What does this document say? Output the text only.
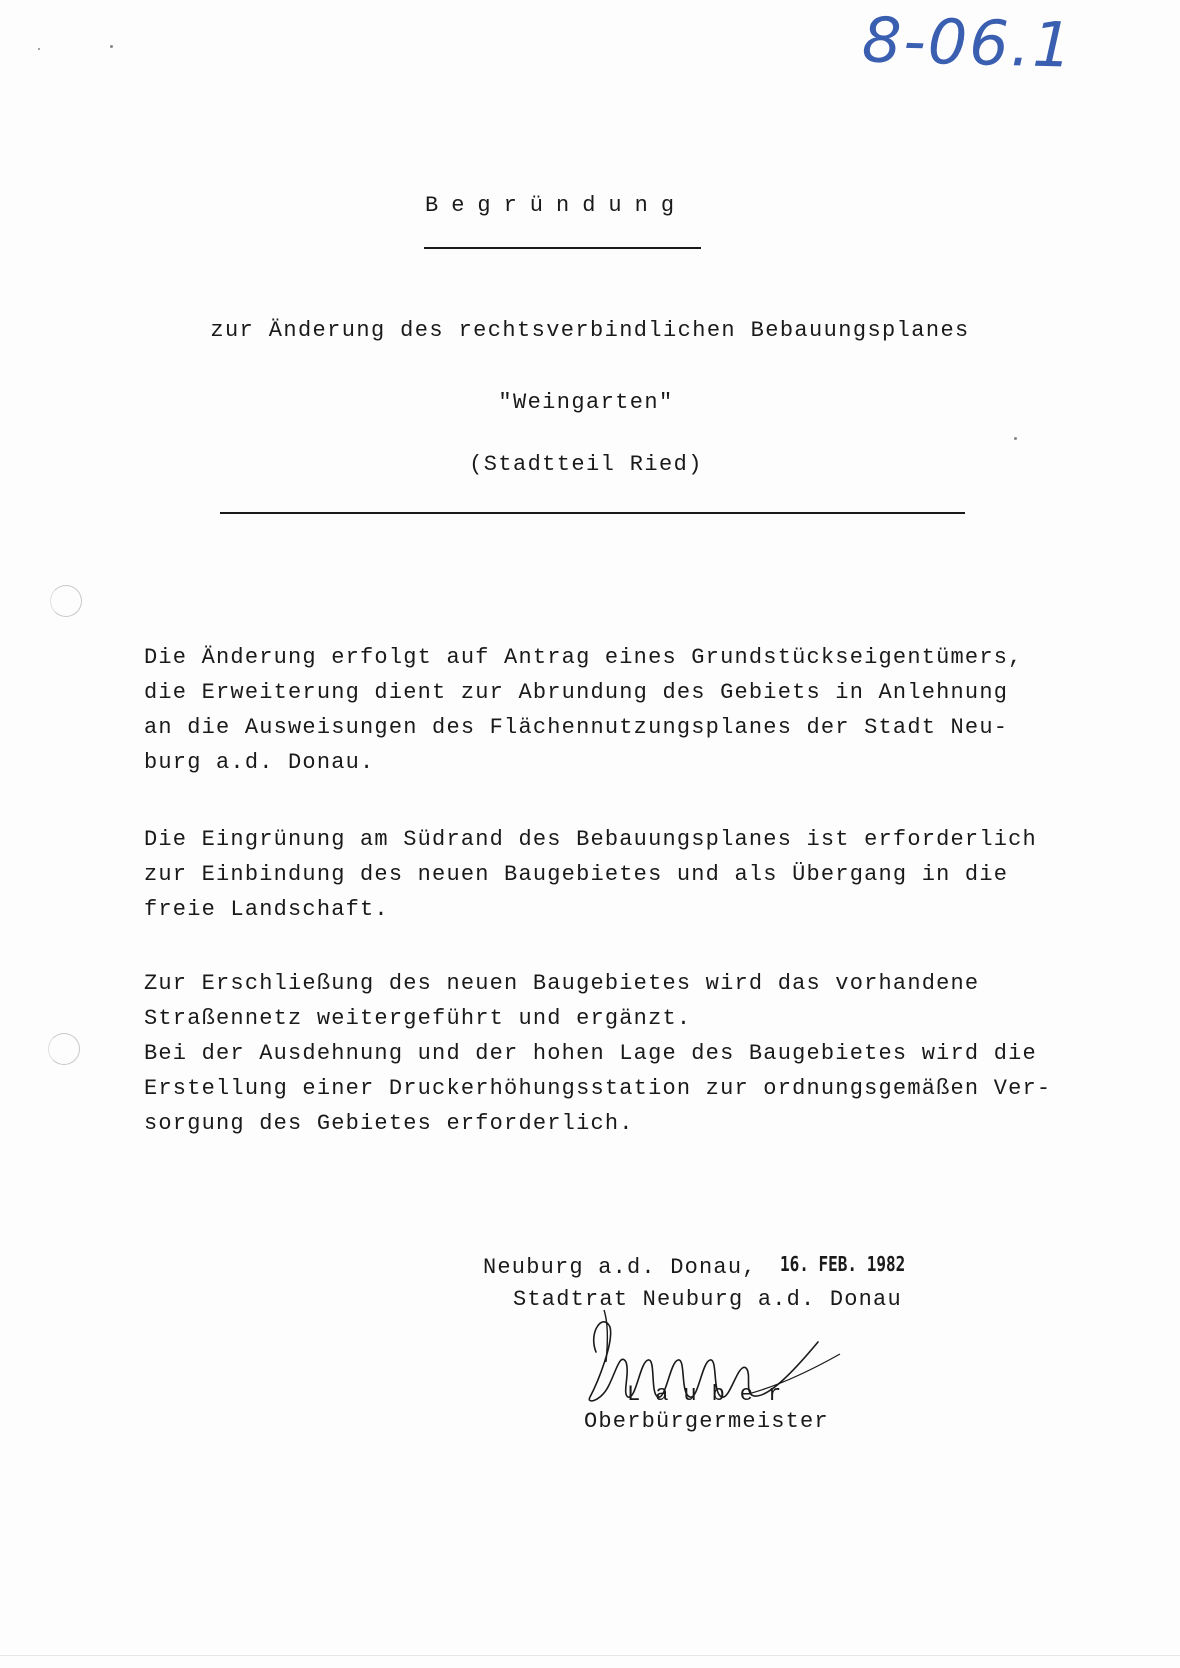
8-06.1
Begründung
zur Änderung des rechtsverbindlichen Bebauungsplanes
"Weingarten"
(Stadtteil Ried)
Die Änderung erfolgt auf Antrag eines Grundstückseigentümers,
die Erweiterung dient zur Abrundung des Gebiets in Anlehnung
an die Ausweisungen des Flächennutzungsplanes der Stadt Neu-
burg a.d. Donau.
Die Eingrünung am Südrand des Bebauungsplanes ist erforderlich
zur Einbindung des neuen Baugebietes und als Übergang in die
freie Landschaft.
Zur Erschließung des neuen Baugebietes wird das vorhandene
Straßennetz weitergeführt und ergänzt.
Bei der Ausdehnung und der hohen Lage des Baugebietes wird die
Erstellung einer Druckerhöhungsstation zur ordnungsgemäßen Ver-
sorgung des Gebietes erforderlich.
Neuburg a.d. Donau, 16. FEB. 1982
Stadtrat Neuburg a.d. Donau
Lauber
Oberbürgermeister
